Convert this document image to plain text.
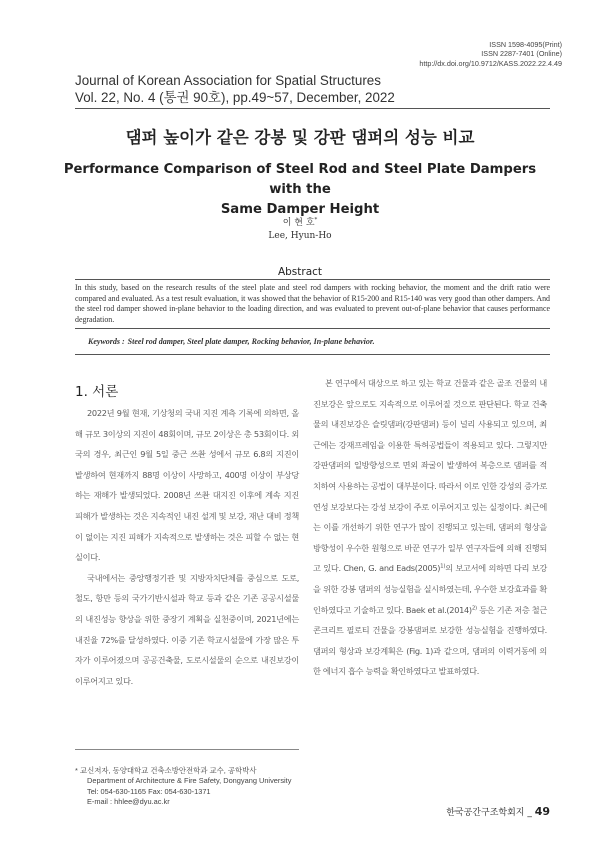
ISSN 1598-4095(Print)
ISSN 2287-7401 (Online)
http://dx.doi.org/10.9712/KASS.2022.22.4.49
Journal of Korean Association for Spatial Structures
Vol. 22, No. 4 (통권 90호), pp.49~57, December, 2022
댐퍼 높이가 같은 강봉 및 강판 댐퍼의 성능 비교
Performance Comparison of Steel Rod and Steel Plate Dampers with the
Same Damper Height
이 현 호*
Lee, Hyun-Ho
Abstract
In this study, based on the research results of the steel plate and steel rod dampers with rocking behavior, the moment and the drift ratio were compared and evaluated. As a test result evaluation, it was showed that the behavior of R15-200 and R15-140 was very good than other dampers. And the steel rod damper showed in-plane behavior to the loading direction, and was evaluated to prevent out-of-plane behavior that causes performance degradation.
Keywords : Steel rod damper, Steel plate damper, Rocking behavior, In-plane behavior.
1. 서론

2022년 9월 현재, 기상청의 국내 지진 계측 기록에 의하면, 올해 규모 3이상의 지진이 48회이며, 규모 2이상은 총 53회이다. 외국의 경우, 최근인 9월 5일 중근 쓰촨 성에서 규모 6.8의 지진이 발생하여 현재까지 88명 이상이 사망하고, 400명 이상이 부상당하는 재해가 발생되었다. 2008년 쓰촨 대지진 이후에 계속 지진 피해가 발생하는 것은 지속적인 내진 설계 및 보강, 재난 대비 정책이 없이는 지진 피해가 지속적으로 발생하는 것은 피할 수 없는 현실이다.

국내에서는 중앙행정기관 및 지방자치단체를 중심으로 도로, 철도, 항만 등의 국가기반시설과 학교 등과 같은 기존 공공시설물의 내진성능 향상을 위한 중장기 계획을 실천중이며, 2021년에는 내진율 72%를 달성하였다. 이중 기존 학교시설물에 가장 많은 투자가 이루어졌으며 공공건축물, 도로시설물의 순으로 내진보강이 이루어지고 있다.

본 연구에서 대상으로 하고 있는 학교 건물과 같은 골조 건물의 내진보강은 앞으로도 지속적으로 이루어질 것으로 판단된다. 학교 건축물의 내진보강은 슬릿댐퍼(강판댐퍼) 등이 널리 사용되고 있으며, 최근에는 강재프레임을 이용한 특허공법들이 적용되고 있다. 그렇지만 강판댐퍼의 일방향성으로 면외 좌굴이 발생하여 복층으로 댐퍼를 적치하여 사용하는 공법이 대부분이다. 따라서 이로 인한 강성의 증가로 연성 보강보다는 강성 보강이 주로 이루어지고 있는 실정이다. 최근에는 이를 개선하기 위한 연구가 많이 진행되고 있는데, 댐퍼의 형상을 방향성이 우수한 원형으로 바꾼 연구가 일부 연구자들에 의해 진행되고 있다. Chen, G. and $Eads(2005)^{1)}$의 보고서에 의하면 다리 보강을 위한 강봉 댐퍼의 성능실험을 실시하였는데, 우수한 보강효과를 확인하였다고 기술하고 있다. Baek et $al.(2014)^{2)}$ 등은 기존 저층 철근콘크리트 필로티 건물을 강봉댐퍼로 보강한 성능실험을 진행하였다. 댐퍼의 형상과 보강계획은 (Fig. 1)과 같으며, 댐퍼의 이력거동에 의한 에너지 흡수 능력을 확인하였다고 발표하였다.

* 교신저자, 동양대학교 건축소방안전학과 교수, 공학박사
Department of Architecture & Fire Safety, Dongyang University
Tel: 054-630-1165 Fax: 054-630-1371
E-mail : hhlee@dyu.ac.kr
한국공간구조학회지 _ 49
